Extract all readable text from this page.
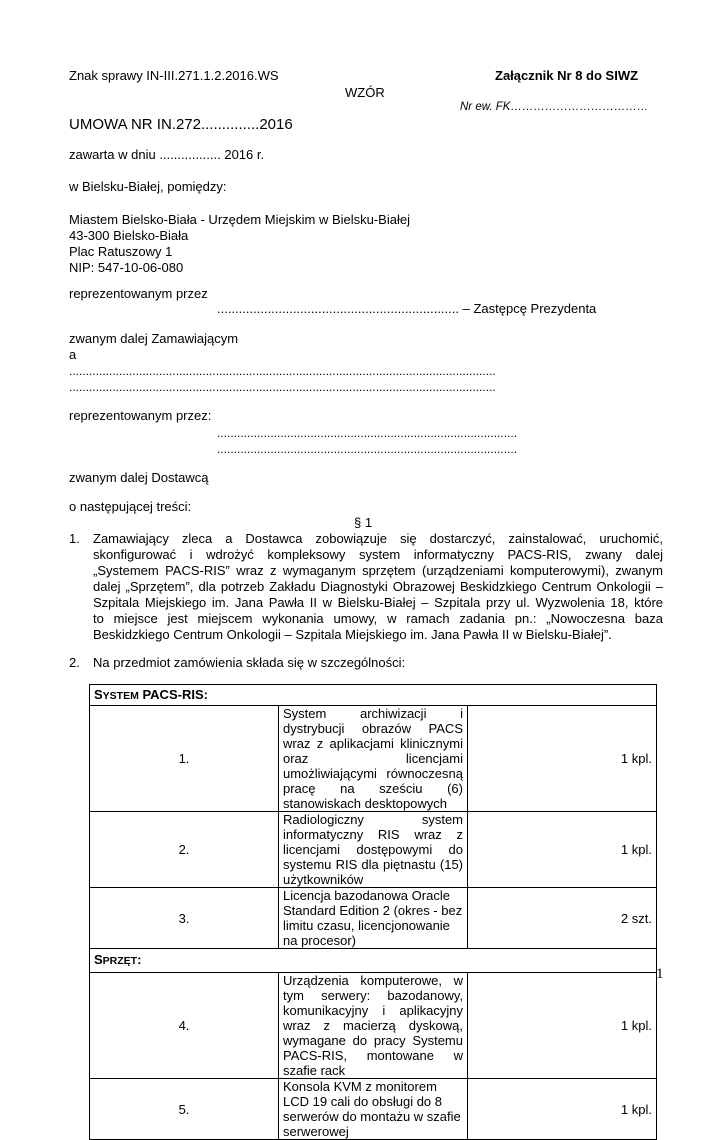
Znak sprawy IN-III.271.1.2.2016.WS	Załącznik Nr 8 do SIWZ
WZÓR
Nr ew. FK………………………………
UMOWA NR IN.272..............2016
zawarta w dniu ................. 2016 r.
w Bielsku-Białej, pomiędzy:
Miastem Bielsko-Biała - Urzędem Miejskim w Bielsku-Białej
43-300 Bielsko-Biała
Plac Ratuszowy 1
NIP: 547-10-06-080
reprezentowanym przez
................................................................... – Zastępcę Prezydenta
zwanym dalej Zamawiającym
a
................................................................................................................................
................................................................................................................................
reprezentowanym przez:
..........................................................................................
..........................................................................................
zwanym dalej Dostawcą
o następującej treści:
§ 1
1. Zamawiający zleca a Dostawca zobowiązuje się dostarczyć, zainstalować, uruchomić,
skonfigurować i wdrożyć kompleksowy system informatyczny PACS-RIS, zwany dalej
„Systemem PACS-RIS” wraz z wymaganym sprzętem (urządzeniami komputerowymi), zwanym
dalej „Sprzętem”, dla potrzeb Zakładu Diagnostyki Obrazowej Beskidzkiego Centrum Onkologii –
Szpitala Miejskiego im. Jana Pawła II w Bielsku-Białej – Szpitala przy ul. Wyzwolenia 18, które
to miejsce jest miejscem wykonania umowy, w ramach zadania pn.: „Nowoczesna baza
Beskidzkiego Centrum Onkologii – Szpitala Miejskiego im. Jana Pawła II w Bielsku-Białej”.
2. Na przedmiot zamówienia składa się w szczególności:
SYSTEM PACS-RIS:		
1.	System archiwizacji i dystrybucji obrazów PACS wraz z aplikacjami klinicznymi oraz licencjami umożliwiającymi równoczesną pracę na sześciu (6) stanowiskach desktopowych	1 kpl.
2.	Radiologiczny system informatyczny RIS wraz z licencjami dostępowymi do systemu RIS dla piętnastu (15) użytkowników	1 kpl.
3.	Licencja bazodanowa Oracle Standard Edition 2 (okres - bez limitu czasu, licencjonowanie na procesor)	2 szt.
SPRZĘT:		
4.	Urządzenia komputerowe, w tym serwery: bazodanowy, komunikacyjny i aplikacyjny wraz z macierzą dyskową, wymagane do pracy Systemu PACS-RIS, montowane w szafie rack	1 kpl.
5.	Konsola KVM z monitorem LCD 19 cali do obsługi do 8 serwerów do montażu w szafie serwerowej	1 kpl.
1
